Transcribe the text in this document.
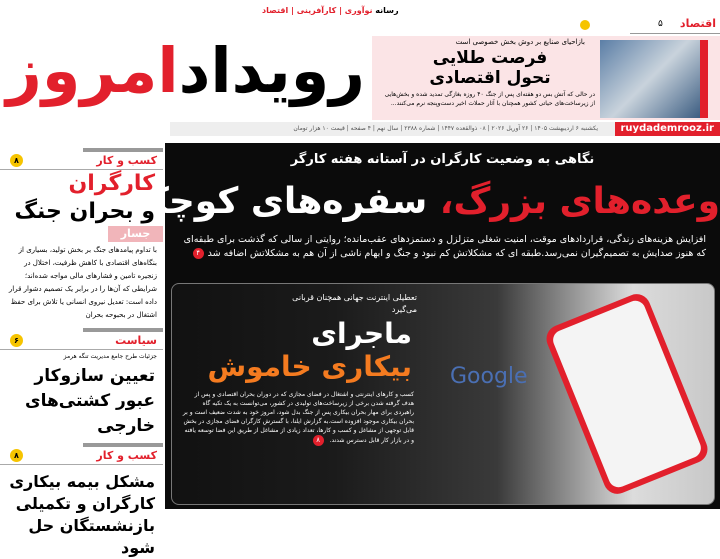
رویدادامروز
رسانه نوآوری | کارآفرینی | اقتصاد
اقتصاد
۵
بازاحیای صنایع بر دوش بخش خصوصی است
فرصت طلایی تحول اقتصادی
در حالی که آتش بس دو هفته‌ای پس از جنگ ۴۰ روزه بغازگی تمدید شده و بخش‌هایی از زیرساخت‌های حیاتی کشور همچنان با آثار حملات اخیر دست‌و‌پنجه نرم می‌کنند...
ruydademrooz.ir
یکشنبه ۶ اردیبهشت ۱۴۰۵ | ۲۶ آوریل ۲۰۲۶ | ۰۸ ذوالقعده ۱۴۴۷ | شماره ۲۳۸۸ | سال نهم | ۴ صفحه | قیمت ۱۰ هزار تومان
نگاهی به وضعیت کارگران در آستانه هفته کارگر
وعده‌های بزرگ، سفره‌های کوچک
افزایش هزینه‌های زندگی، قراردادهای موقت، امنیت شغلی متزلزل و دستمزدهای عقب‌مانده؛ روایتی از سالی که گذشت برای طبقه‌ای که هنوز صدایش به تصمیم‌گیران نمی‌رسد.طبقه ای که مشکلاتش کم نبود و جنگ و ابهام ناشی از آن هم به مشکلاتش اضافه شد۴
Google
تعطیلی اینترنت جهانی همچنان قربانی می‌گیرد
ماجرای
بیکاری خاموش
کسب و کارهای اینترنتی و اشتغال در فضای مجازی که در دوران بحران اقتصادی و پس از هدف گرفته شدن برخی از زیرساخت‌های تولیدی در کشور، می‌توانست به یک تکیه گاه راهبردی برای مهار بحران بیکاری پس از جنگ بدل شود، امروز خود به شدت ضعیف است و بر بحران بیکاری موجود افزوده است.به گزارش ایلنا، با گسترش کارگران فضای مجازی در بخش قابل توجهی از مشاغل و کسب و کارها، تعداد زیادی از مشاغل از طریق این فضا توسعه یافته و در بازار کار قابل دسترس شدند. ۸
کسب و کار
۸
کارگران
و بحران جنگ
جسار
با تداوم پیامدهای جنگ بر بخش تولید، بسیاری از بنگاه‌های اقتصادی با کاهش ظرفیت، اختلال در زنجیره تامین و فشارهای مالی مواجه شده‌اند؛ شرایطی که آن‌ها را در برابر یک تصمیم دشوار قرار داده است: تعدیل نیروی انسانی یا تلاش برای حفظ اشتغال در بحبوحه بحران
سیاست
۶
جزئیات طرح جامع مدیریت تنگه هرمز
تعیین سازوکار عبور کشتی‌های خارجی
کسب و کار
۸
مشکل بیمه بیکاری کارگران و تکمیلی بازنشستگان حل شود
